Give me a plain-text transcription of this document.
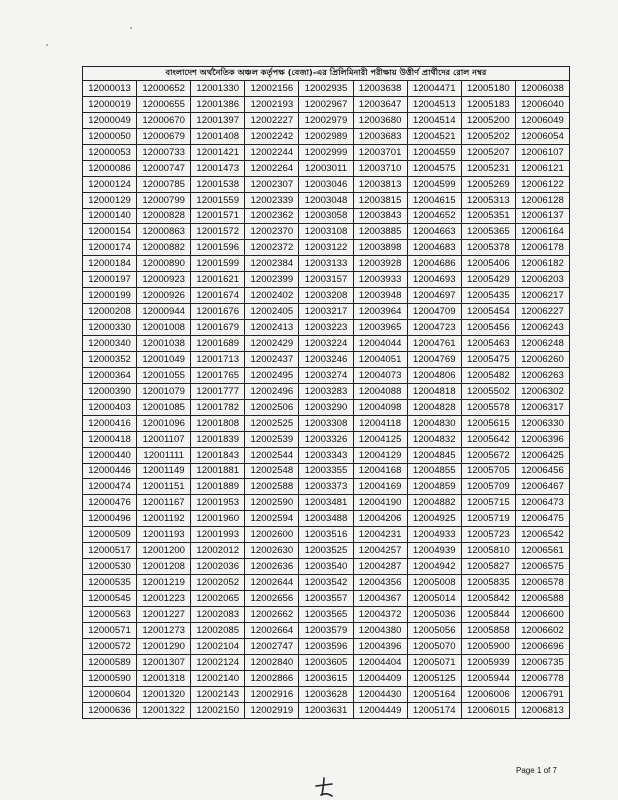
বাংলাদেশ অর্থনৈতিক অঞ্চল কর্তৃপক্ষ (বেজা)-এর প্রিলিমিনারী পরীক্ষায় উত্তীর্ণ প্রার্থীদের রোল নম্বর								
12000013	12000652	12001330	12002156	12002935	12003638	12004471	12005180	12006038
12000019	12000655	12001386	12002193	12002967	12003647	12004513	12005183	12006040
12000049	12000670	12001397	12002227	12002979	12003680	12004514	12005200	12006049
12000050	12000679	12001408	12002242	12002989	12003683	12004521	12005202	12006054
12000053	12000733	12001421	12002244	12002999	12003701	12004559	12005207	12006107
12000086	12000747	12001473	12002264	12003011	12003710	12004575	12005231	12006121
12000124	12000785	12001538	12002307	12003046	12003813	12004599	12005269	12006122
12000129	12000799	12001559	12002339	12003048	12003815	12004615	12005313	12006128
12000140	12000828	12001571	12002362	12003058	12003843	12004652	12005351	12006137
12000154	12000863	12001572	12002370	12003108	12003885	12004663	12005365	12006164
12000174	12000882	12001596	12002372	12003122	12003898	12004683	12005378	12006178
12000184	12000890	12001599	12002384	12003133	12003928	12004686	12005406	12006182
12000197	12000923	12001621	12002399	12003157	12003933	12004693	12005429	12006203
12000199	12000926	12001674	12002402	12003208	12003948	12004697	12005435	12006217
12000208	12000944	12001676	12002405	12003217	12003964	12004709	12005454	12006227
12000330	12001008	12001679	12002413	12003223	12003965	12004723	12005456	12006243
12000340	12001038	12001689	12002429	12003224	12004044	12004761	12005463	12006248
12000352	12001049	12001713	12002437	12003246	12004051	12004769	12005475	12006260
12000364	12001055	12001765	12002495	12003274	12004073	12004806	12005482	12006263
12000390	12001079	12001777	12002496	12003283	12004088	12004818	12005502	12006302
12000403	12001085	12001782	12002506	12003290	12004098	12004828	12005578	12006317
12000416	12001096	12001808	12002525	12003308	12004118	12004830	12005615	12006330
12000418	12001107	12001839	12002539	12003326	12004125	12004832	12005642	12006396
12000440	12001111	12001843	12002544	12003343	12004129	12004845	12005672	12006425
12000446	12001149	12001881	12002548	12003355	12004168	12004855	12005705	12006456
12000474	12001151	12001889	12002588	12003373	12004169	12004859	12005709	12006467
12000476	12001167	12001953	12002590	12003481	12004190	12004882	12005715	12006473
12000496	12001192	12001960	12002594	12003488	12004206	12004925	12005719	12006475
12000509	12001193	12001993	12002600	12003516	12004231	12004933	12005723	12006542
12000517	12001200	12002012	12002630	12003525	12004257	12004939	12005810	12006561
12000530	12001208	12002036	12002636	12003540	12004287	12004942	12005827	12006575
12000535	12001219	12002052	12002644	12003542	12004356	12005008	12005835	12006578
12000545	12001223	12002065	12002656	12003557	12004367	12005014	12005842	12006588
12000563	12001227	12002083	12002662	12003565	12004372	12005036	12005844	12006600
12000571	12001273	12002085	12002664	12003579	12004380	12005056	12005858	12006602
12000572	12001290	12002104	12002747	12003596	12004396	12005070	12005900	12006696
12000589	12001307	12002124	12002840	12003605	12004404	12005071	12005939	12006735
12000590	12001318	12002140	12002866	12003615	12004409	12005125	12005944	12006778
12000604	12001320	12002143	12002916	12003628	12004430	12005164	12006006	12006791
12000636	12001322	12002150	12002919	12003631	12004449	12005174	12006015	12006813
Page 1 of 7
